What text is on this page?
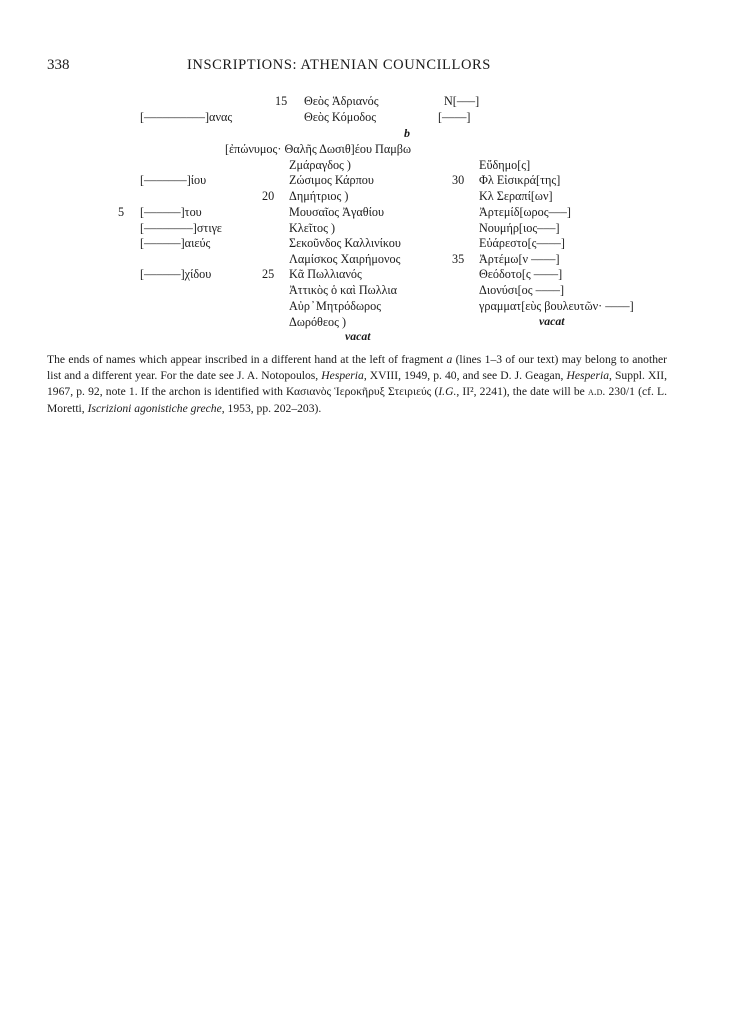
338	INSCRIPTIONS: ATHENIAN COUNCILLORS
15
20
25
5
30
35
b
[––––––––––]ανας
[–––––––]ίου
[––––––]του
[––––––––]στιγε
[––––––]αιεύς
[––––––]χίδου
Θεὸς Ἁδριανός
Θεὸς Κόμοδος
[ἐπώνυμος· Θαλῆς Δωσιθ]έου Παμβω
Ζμάραγδος )
Ζώσιμος Κάρπου
Δημήτριος )
Μουσαῖος Ἀγαθίου
Κλεῖτος )
Σεκοῦνδος Καλλινίκου
Λαμίσκος Χαιρήμονος
Κᾶ Πωλλιανός
Ἀττικὸς ὁ καὶ Πωλλια
Αὐρ ̓ Μητρόδωρος
Δωρόθεος )
vacat
Ν[–––]
[––––]
Εὔδημο[ς]
Φλ Εἰσικρά[της]
Κλ Σεραπί[ων]
Ἀρτεμίδ[ωρος–––]
Νουμήρ[ιος–––]
Εὐάρεστο[ς––––]
Ἀρτέμω[ν ––––]
Θεόδοτο[ς ––––]
Διονύσι[ος ––––]
γραμματ[εὺς βουλευτῶν· ––––]
vacat

The ends of names which appear inscribed in a different hand at the left of fragment a (lines 1–3 of our text) may belong to another list and a different year. For the date see J. A. Notopoulos, Hesperia, XVIII, 1949, p. 40, and see D. J. Geagan, Hesperia, Suppl. XII, 1967, p. 92, note 1. If the archon is identified with Κασιανὸς Ἱεροκῆρυξ Στειριεύς (I.G., II², 2241), the date will be a.d. 230/1 (cf. L. Moretti, Iscrizioni agonistiche greche, 1953, pp. 202–203).
